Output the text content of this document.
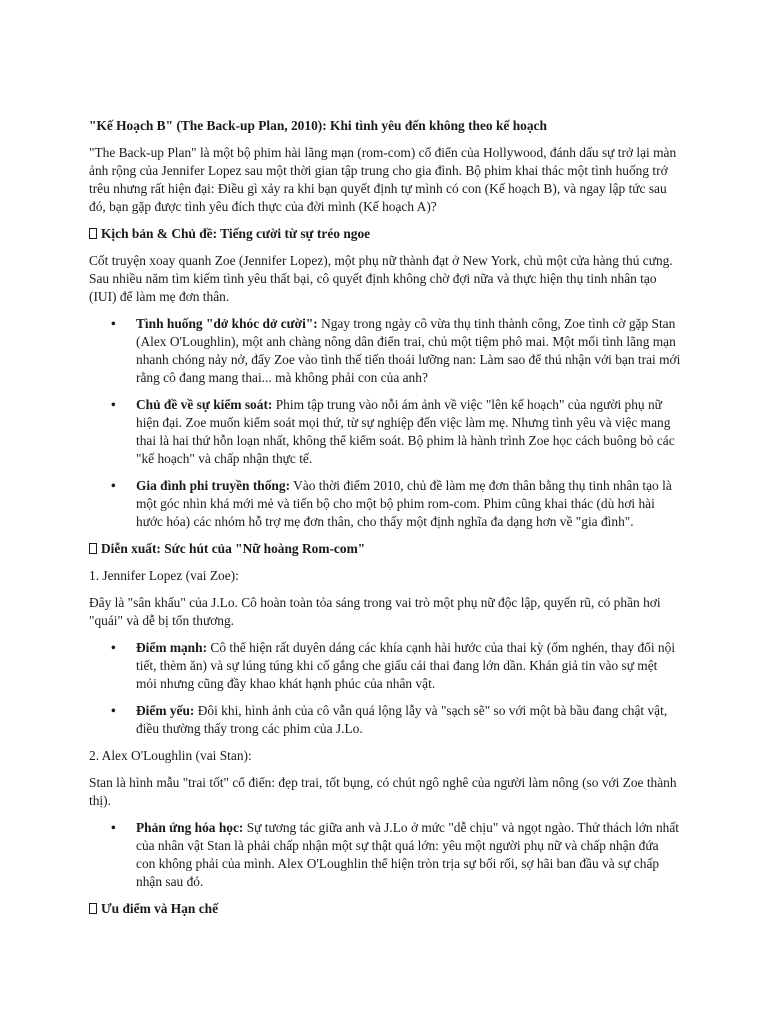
"Kế Hoạch B" (The Back-up Plan, 2010): Khi tình yêu đến không theo kế hoạch

"The Back-up Plan" là một bộ phim hài lãng mạn (rom-com) cổ điển của Hollywood, đánh dấu sự trở lại màn ảnh rộng của Jennifer Lopez sau một thời gian tập trung cho gia đình. Bộ phim khai thác một tình huống trớ trêu nhưng rất hiện đại: Điều gì xảy ra khi bạn quyết định tự mình có con (Kế hoạch B), và ngay lập tức sau đó, bạn gặp được tình yêu đích thực của đời mình (Kế hoạch A)?

Kịch bản & Chủ đề: Tiếng cười từ sự tréo ngoe

Cốt truyện xoay quanh Zoe (Jennifer Lopez), một phụ nữ thành đạt ở New York, chủ một cửa hàng thú cưng. Sau nhiều năm tìm kiếm tình yêu thất bại, cô quyết định không chờ đợi nữa và thực hiện thụ tinh nhân tạo (IUI) để làm mẹ đơn thân.

• Tình huống "dở khóc dở cười": Ngay trong ngày cô vừa thụ tinh thành công, Zoe tình cờ gặp Stan (Alex O'Loughlin), một anh chàng nông dân điển trai, chủ một tiệm phô mai. Một mối tình lãng mạn nhanh chóng nảy nở, đẩy Zoe vào tình thế tiến thoái lưỡng nan: Làm sao để thú nhận với bạn trai mới rằng cô đang mang thai... mà không phải con của anh?
• Chủ đề về sự kiểm soát: Phim tập trung vào nỗi ám ảnh về việc "lên kế hoạch" của người phụ nữ hiện đại. Zoe muốn kiểm soát mọi thứ, từ sự nghiệp đến việc làm mẹ. Nhưng tình yêu và việc mang thai là hai thứ hỗn loạn nhất, không thể kiểm soát. Bộ phim là hành trình Zoe học cách buông bỏ các "kế hoạch" và chấp nhận thực tế.
• Gia đình phi truyền thống: Vào thời điểm 2010, chủ đề làm mẹ đơn thân bằng thụ tinh nhân tạo là một góc nhìn khá mới mẻ và tiến bộ cho một bộ phim rom-com. Phim cũng khai thác (dù hơi hài hước hóa) các nhóm hỗ trợ mẹ đơn thân, cho thấy một định nghĩa đa dạng hơn về "gia đình".
Diễn xuất: Sức hút của "Nữ hoàng Rom-com"

1. Jennifer Lopez (vai Zoe):

Đây là "sân khấu" của J.Lo. Cô hoàn toàn tỏa sáng trong vai trò một phụ nữ độc lập, quyến rũ, có phần hơi "quái" và dễ bị tổn thương.

• Điểm mạnh: Cô thể hiện rất duyên dáng các khía cạnh hài hước của thai kỳ (ốm nghén, thay đổi nội tiết, thèm ăn) và sự lúng túng khi cố gắng che giấu cái thai đang lớn dần. Khán giả tin vào sự mệt mỏi nhưng cũng đầy khao khát hạnh phúc của nhân vật.
• Điểm yếu: Đôi khi, hình ảnh của cô vẫn quá lộng lẫy và "sạch sẽ" so với một bà bầu đang chật vật, điều thường thấy trong các phim của J.Lo.

2. Alex O'Loughlin (vai Stan):

Stan là hình mẫu "trai tốt" cổ điển: đẹp trai, tốt bụng, có chút ngô nghê của người làm nông (so với Zoe thành thị).

• Phản ứng hóa học: Sự tương tác giữa anh và J.Lo ở mức "dễ chịu" và ngọt ngào. Thử thách lớn nhất của nhân vật Stan là phải chấp nhận một sự thật quá lớn: yêu một người phụ nữ và chấp nhận đứa con không phải của mình. Alex O'Loughlin thể hiện tròn trịa sự bối rối, sợ hãi ban đầu và sự chấp nhận sau đó.
Ưu điểm và Hạn chế
